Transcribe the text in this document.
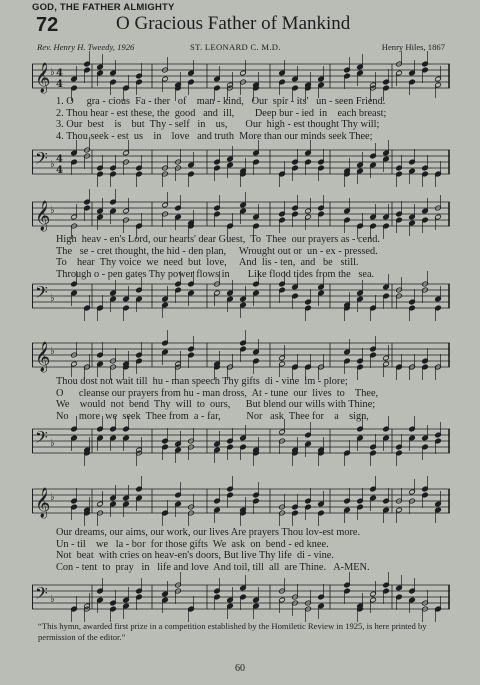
GOD, THE FATHER ALMIGHTY
72	O Gracious Father of Mankind
Rev. Henry H. Tweedy, 1926	ST. LEONARD C. M.D.	Henry Hiles, 1867
𝄞 ♭ 4
4
1. O     gra - cious  Fa - ther   of    man - kind,   Our  spir - its'   un - seen Friend.
2. Thou hear - est these, the  good   and  ill,        Deep bur - ied  in    each breast;
3. Our  best    is    but  Thy - self   in    us,       Our  high - est thought Thy will;
4. Thou seek - est  us    in    love   and truth  More than our minds seek Thee;
𝄢 ♭ 4
4
𝄞 ♭
High  heav - en's Lord, our hearts' dear Guest,  To  Thee  our prayers as - cend.
The   se - cret thought, the hid - den plan,     Wrought out or  un - ex - pressed.
To    hear  Thy voice  we  need  but  love,     And  lis - ten,  and   be   still.
Through o - pen gates Thy power flows in       Like flood tides from the   sea.
𝄢 ♭
𝄞 ♭
Thou dost not wait till  hu - man speech Thy gifts  di - vine  im - plore;
O      cleanse our prayers from hu - man dross,  At - tune  our  lives  to    Thee,
We    would  not  bend  Thy  will  to  ours,      But blend our wills with Thine;
No    more  we  seek  Thee from  a - far,          Nor   ask  Thee for    a    sign,
𝄢 ♭
𝄞 ♭
Our dreams, our aims, our work, our lives Are prayers Thou lov-est more.
Un - til    we   la - bor  for those gifts  We  ask  on  bend - ed knee.
Not  beat  with cries on heav-en's doors, But live Thy life  di - vine.
Con - tent  to  pray   in   life and love  And toil, till  all  are Thine.   A-MEN.
𝄢 ♭
“This hymn, awarded first prize in a competition established by the Homiletic Review in 1925, is here printed by permission of the editor.”
60
